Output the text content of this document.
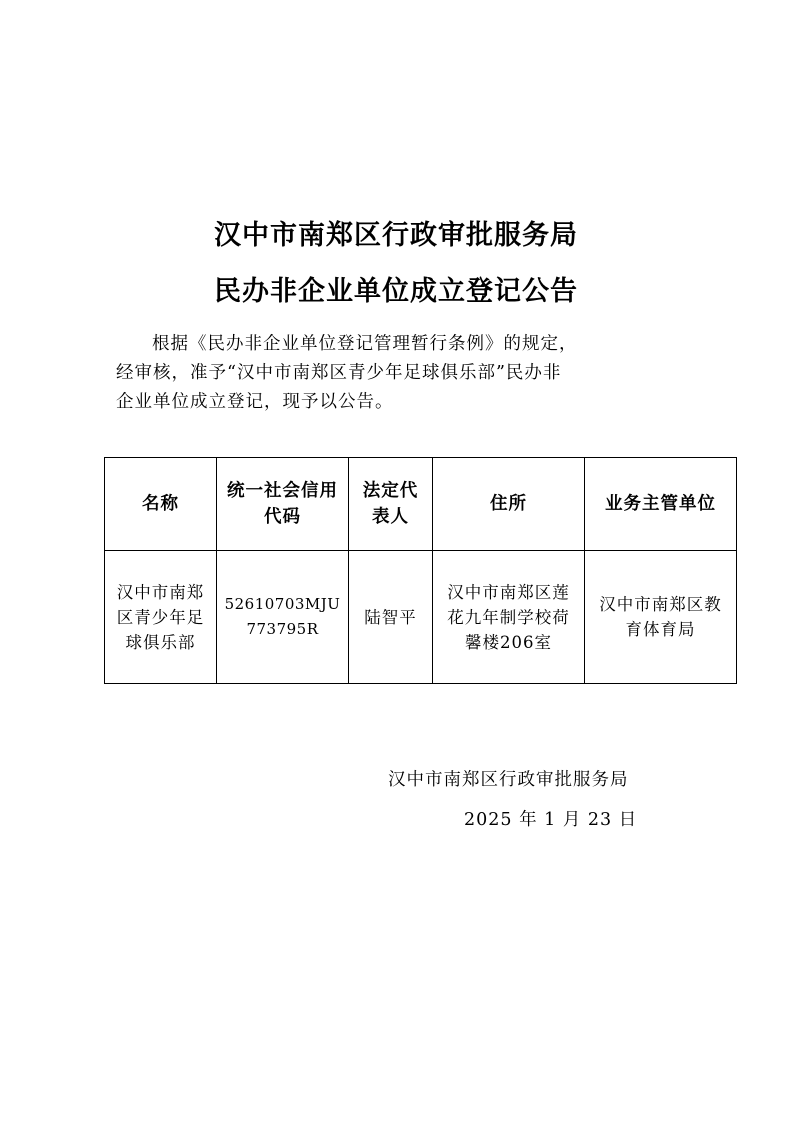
汉中市南郑区行政审批服务局
民办非企业单位成立登记公告
根据《民办非企业单位登记管理暂行条例》的规定，
经审核，准予“汉中市南郑区青少年足球俱乐部”民办非
企业单位成立登记，现予以公告。
名称	统一社会信用代码	法定代表人	住所	业务主管单位
汉中市南郑区青少年足球俱乐部	52610703MJU773795R	陆智平	汉中市南郑区莲花九年制学校荷馨楼206室	汉中市南郑区教育体育局
汉中市南郑区行政审批服务局
2025 年 1 月 23 日
